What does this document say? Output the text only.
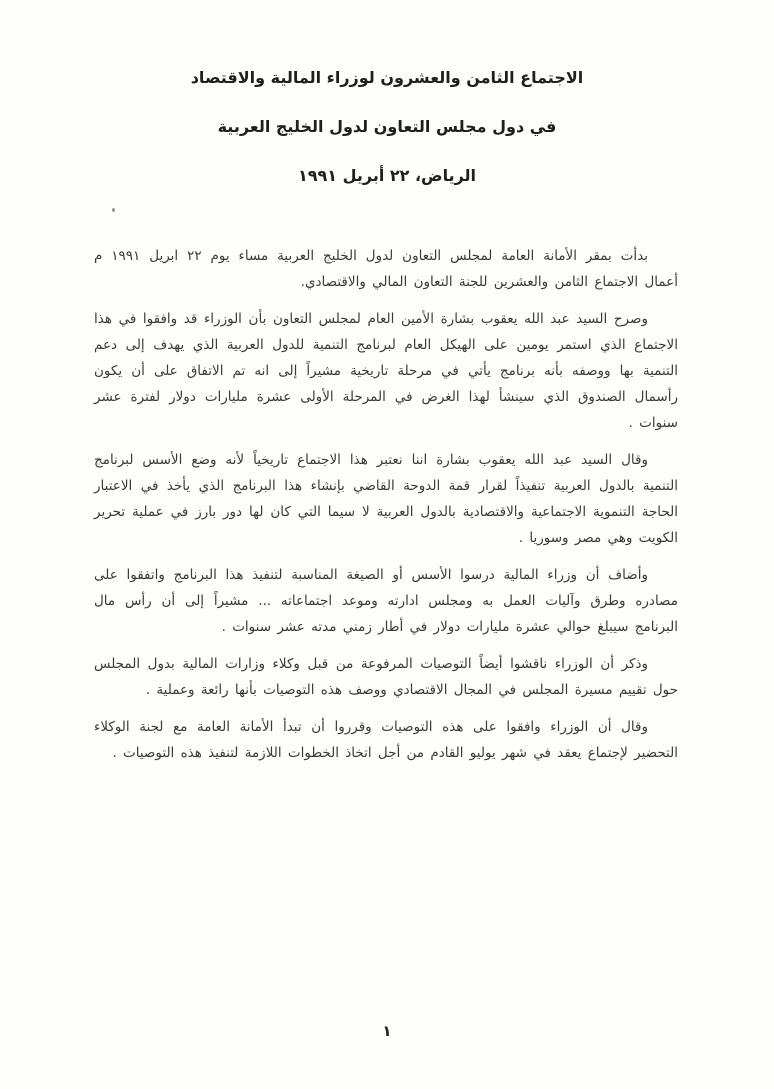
الاجتماع الثامن والعشرون لوزراء المالية والاقتصاد
في دول مجلس التعاون لدول الخليج العربية
الرياض، ٢٢ أبريل ١٩٩١

بدأت بمقر الأمانة العامة لمجلس التعاون لدول الخليج العربية مساء يوم ٢٢ ابريل ١٩٩١ م أعمال الاجتماع الثامن والعشرين للجنة التعاون المالي والاقتصادي.

وصرح السيد عبد الله يعقوب بشارة الأمين العام لمجلس التعاون بأن الوزراء قد وافقوا في هذا الاجتماع الذي استمر يومين على الهيكل العام لبرنامج التنمية للدول العربية الذي يهدف إلى دعم التنمية بها ووصفه بأنه برنامج يأتي في مرحلة تاريخية مشيراً إلى انه تم الاتفاق على أن يكون رأسمال الصندوق الذي سينشأ لهذا الغرض في المرحلة الأولى عشرة مليارات دولار لفترة عشر سنوات .

وقال السيد عبد الله يعقوب بشارة اننا نعتبر هذا الاجتماع تاريخياً لأنه وضع الأسس لبرنامج التنمية بالدول العربية تنفيذاً لقرار قمة الدوحة القاضي بإنشاء هذا البرنامج الذي يأخذ في الاعتبار الحاجة التنموية الاجتماعية والاقتصادية بالدول العربية لا سيما التي كان لها دور بارز في عملية تحرير الكويت وهي مصر وسوريا .

وأضاف أن وزراء المالية درسوا الأسس أو الصيغة المناسبة لتنفيذ هذا البرنامج واتفقوا على مصادره وطرق وآليات العمل به ومجلس ادارته وموعد اجتماعاته ... مشيراً إلى أن رأس مال البرنامج سيبلغ حوالي عشرة مليارات دولار في أطار زمني مدته عشر سنوات .

وذكر أن الوزراء ناقشوا أيضاً التوصيات المرفوعة من قبل وكلاء وزارات المالية بدول المجلس حول تقييم مسيرة المجلس في المجال الاقتصادي ووصف هذه التوصيات بأنها رائعة وعملية .

وقال أن الوزراء وافقوا على هذه التوصيات وقرروا أن تبدأ الأمانة العامة مع لجنة الوكلاء التحضير لإجتماع يعقد في شهر يوليو القادم من أجل اتخاذ الخطوات اللازمة لتنفيذ هذه التوصيات .

١
